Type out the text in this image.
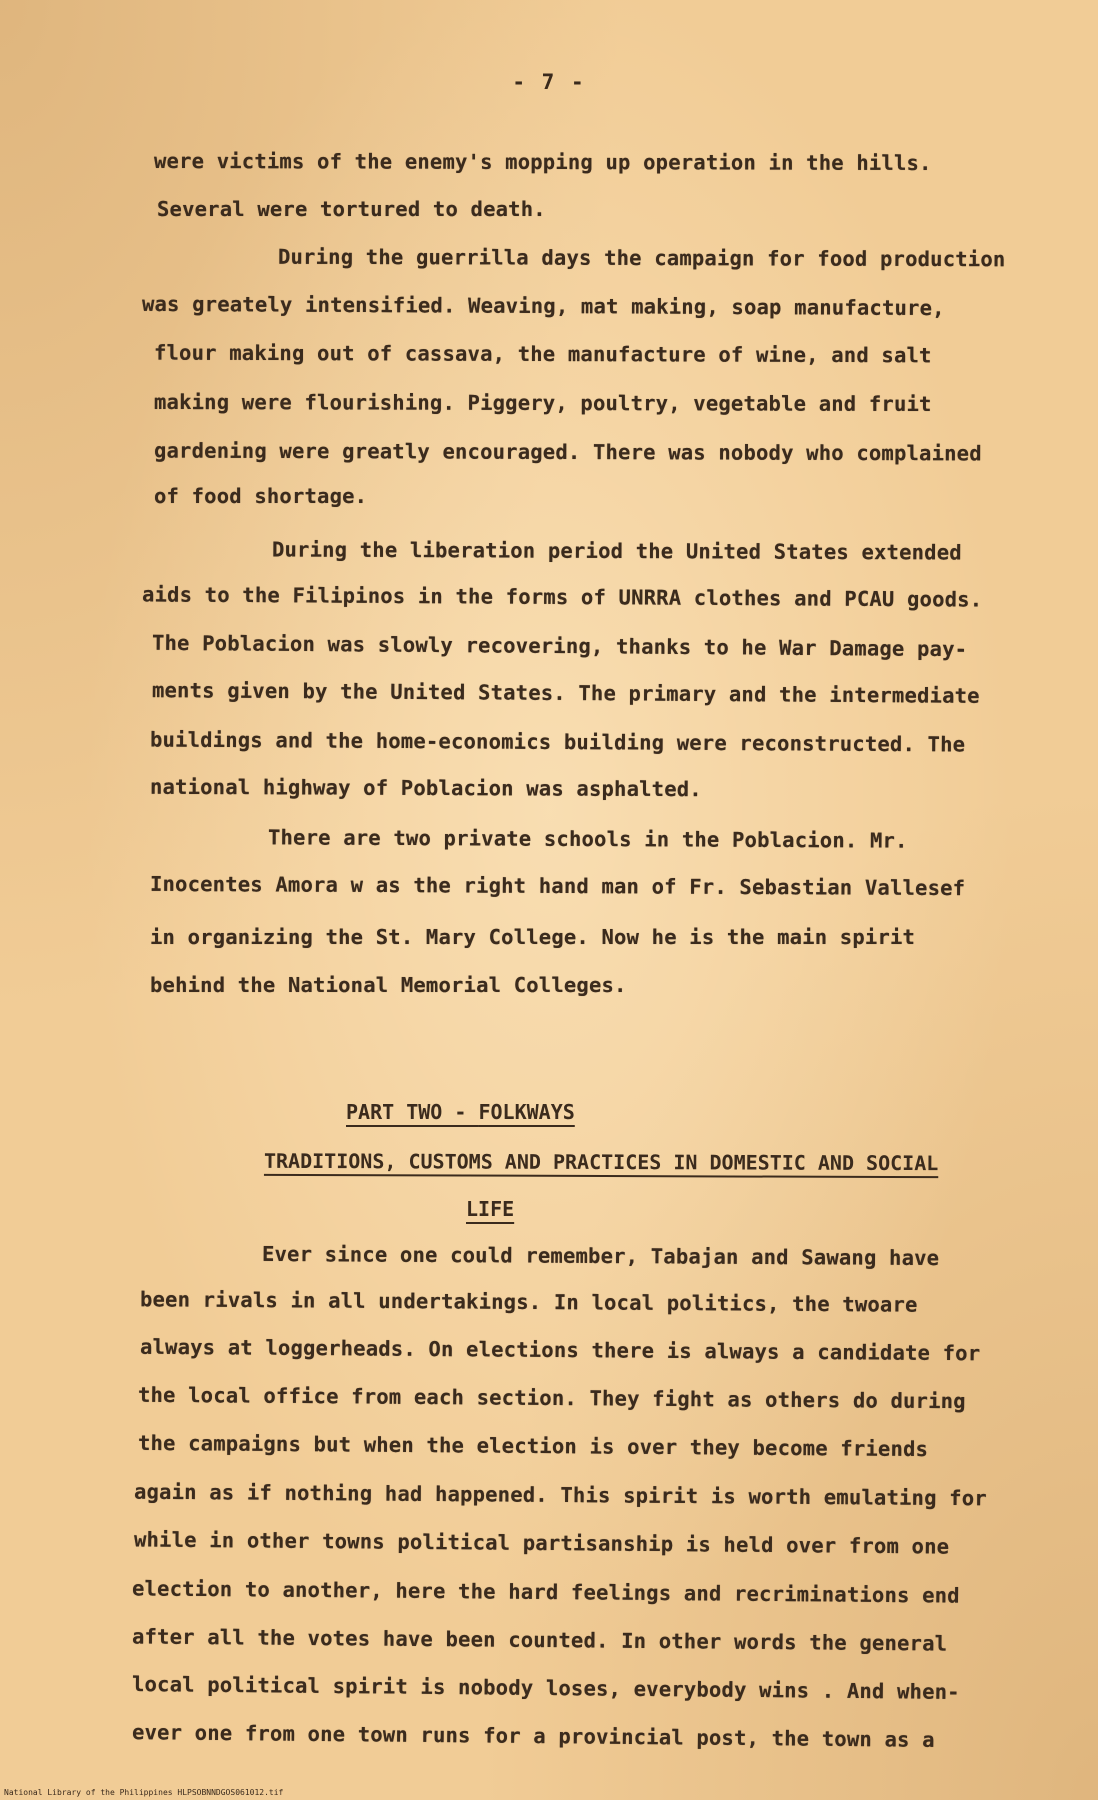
- 7 -
were victims of the enemy's mopping up operation in the hills.
Several were tortured to death.
During the guerrilla days the campaign for food production
was greately intensified. Weaving, mat making, soap manufacture,
flour making out of cassava, the manufacture of wine, and salt
making were flourishing. Piggery, poultry, vegetable and fruit
gardening were greatly encouraged. There was nobody who complained
of food shortage.
During the liberation period the United States extended
aids to the Filipinos in the forms of UNRRA clothes and PCAU goods.
The Poblacion was slowly recovering, thanks to he War Damage pay-
ments given by the United States. The primary and the intermediate
buildings and the home-economics building were reconstructed. The
national highway of Poblacion was asphalted.
There are two private schools in the Poblacion. Mr.
Inocentes Amora w as the right hand man of Fr. Sebastian Vallesef
in organizing the St. Mary College. Now he is the main spirit
behind the National Memorial Colleges.
PART TWO - FOLKWAYS
TRADITIONS, CUSTOMS AND PRACTICES IN DOMESTIC AND SOCIAL
LIFE
Ever since one could remember, Tabajan and Sawang have
been rivals in all undertakings. In local politics, the twoare
always at loggerheads. On elections there is always a candidate for
the local office from each section. They fight as others do during
the campaigns but when the election is over they become friends
again as if nothing had happened. This spirit is worth emulating for
while in other towns political partisanship is held over from one
election to another, here the hard feelings and recriminations end
after all the votes have been counted. In other words the general
local political spirit is nobody loses, everybody wins . And when-
ever one from one town runs for a provincial post, the town as a
National Library of the Philippines HLPSOBNNDGOS061012.tif
